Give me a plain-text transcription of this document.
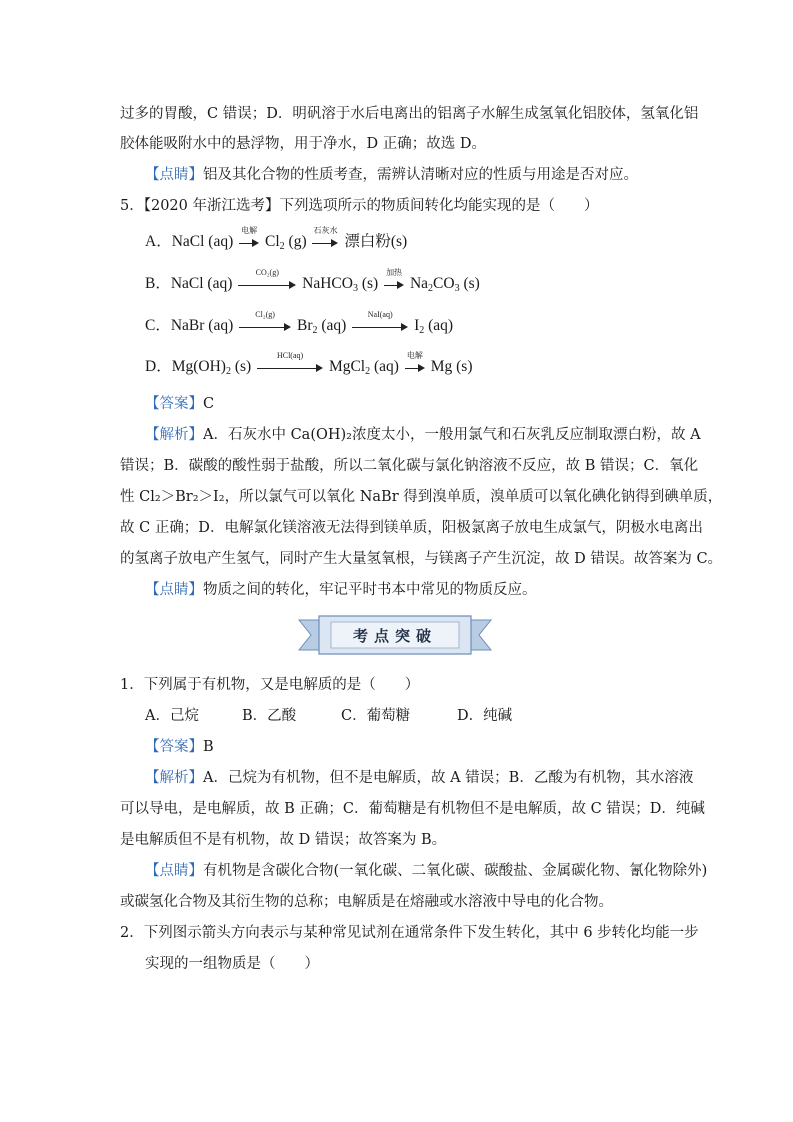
过多的胃酸，C 错误；D．明矾溶于水后电离出的铝离子水解生成氢氧化铝胶体，氢氧化铝
胶体能吸附水中的悬浮物，用于净水，D 正确；故选 D。
【点睛】铝及其化合物的性质考查，需辨认清晰对应的性质与用途是否对应。
5．【2020 年浙江选考】下列选项所示的物质间转化均能实现的是（　　）
A．NaCl (aq)
电解
$Cl_2$ (g)
石灰水
漂白粉(s)
B．NaCl (aq)
CO₂(g)
NaHCO$_3$ (s)
加热
$Na_2CO_3$ (s)
C．NaBr (aq)
Cl₂(g)
$Br_2$ (aq)
NaI(aq)
$I_2$ (aq)
D．$Mg(OH)_2$ (s)
HCl(aq)
MgCl$_2$ (aq)
电解
Mg (s)
【答案】C
【解析】A．石灰水中 Ca(OH)₂浓度太小，一般用氯气和石灰乳反应制取漂白粉，故 A
错误；B．碳酸的酸性弱于盐酸，所以二氧化碳与氯化钠溶液不反应，故 B 错误；C．氧化
性 Cl₂＞Br₂＞I₂，所以氯气可以氧化 NaBr 得到溴单质，溴单质可以氧化碘化钠得到碘单质，
故 C 正确；D．电解氯化镁溶液无法得到镁单质，阳极氯离子放电生成氯气，阴极水电离出
的氢离子放电产生氢气，同时产生大量氢氧根，与镁离子产生沉淀，故 D 错误。故答案为 C。
【点睛】物质之间的转化，牢记平时书本中常见的物质反应。
考点突破
1．下列属于有机物，又是电解质的是（　　）
A．己烷	B．乙酸	C．葡萄糖	D．纯碱
【答案】B
【解析】A．己烷为有机物，但不是电解质，故 A 错误；B．乙酸为有机物，其水溶液
可以导电，是电解质，故 B 正确；C．葡萄糖是有机物但不是电解质，故 C 错误；D．纯碱
是电解质但不是有机物，故 D 错误；故答案为 B。
【点睛】有机物是含碳化合物(一氧化碳、二氧化碳、碳酸盐、金属碳化物、氰化物除外)
或碳氢化合物及其衍生物的总称；电解质是在熔融或水溶液中导电的化合物。
2．下列图示箭头方向表示与某种常见试剂在通常条件下发生转化，其中 6 步转化均能一步
实现的一组物质是（　　）
